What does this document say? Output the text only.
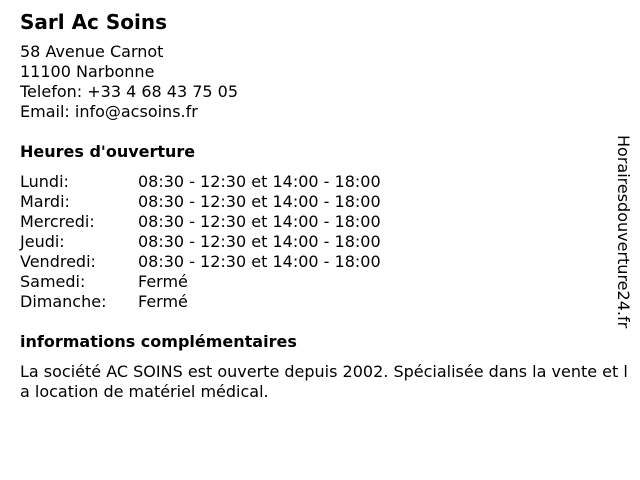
Sarl Ac Soins
58 Avenue Carnot
11100 Narbonne
Telefon: +33 4 68 43 75 05
Email: info@acsoins.fr
Heures d'ouverture
Lundi:	08:30 - 12:30 et 14:00 - 18:00
Mardi:	08:30 - 12:30 et 14:00 - 18:00
Mercredi:	08:30 - 12:30 et 14:00 - 18:00
Jeudi:	08:30 - 12:30 et 14:00 - 18:00
Vendredi:	08:30 - 12:30 et 14:00 - 18:00
Samedi:	Fermé
Dimanche:	Fermé
informations complémentaires
La société AC SOINS est ouverte depuis 2002. Spécialisée dans la vente et la location de matériel médical.
Horairesdouverture24.fr
